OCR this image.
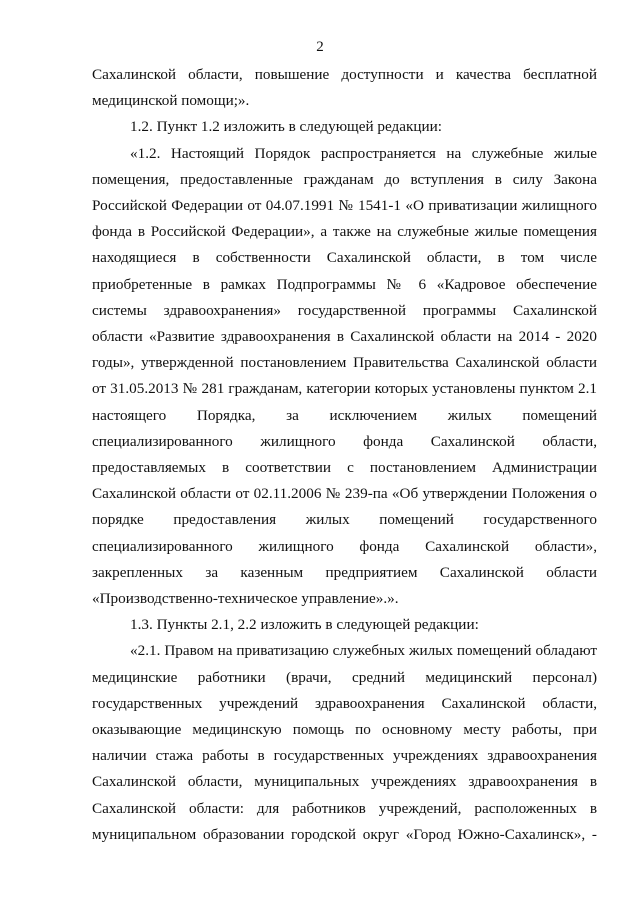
2

Сахалинской области, повышение доступности и качества бесплатной медицинской помощи;».

1.2. Пункт 1.2 изложить в следующей редакции:

«1.2. Настоящий Порядок распространяется на служебные жилые помещения, предоставленные гражданам до вступления в силу Закона Российской Федерации от 04.07.1991 № 1541-1 «О приватизации жилищного фонда в Российской Федерации», а также на служебные жилые помещения находящиеся в собственности Сахалинской области, в том числе приобретенные в рамках Подпрограммы № 6 «Кадровое обеспечение системы здравоохранения» государственной программы Сахалинской области «Развитие здравоохранения в Сахалинской области на 2014 - 2020 годы», утвержденной постановлением Правительства Сахалинской области от 31.05.2013 № 281 гражданам, категории которых установлены пунктом 2.1 настоящего Порядка, за исключением жилых помещений специализированного жилищного фонда Сахалинской области, предоставляемых в соответствии с постановлением Администрации Сахалинской области от 02.11.2006 № 239-па «Об утверждении Положения о порядке предоставления жилых помещений государственного специализированного жилищного фонда Сахалинской области», закрепленных за казенным предприятием Сахалинской области «Производственно-техническое управление».».

1.3. Пункты 2.1, 2.2 изложить в следующей редакции:

«2.1. Правом на приватизацию служебных жилых помещений обладают медицинские работники (врачи, средний медицинский персонал) государственных учреждений здравоохранения Сахалинской области, оказывающие медицинскую помощь по основному месту работы, при наличии стажа работы в государственных учреждениях здравоохранения Сахалинской области, муниципальных учреждениях здравоохранения в Сахалинской области: для работников учреждений, расположенных в муниципальном образовании городской округ «Город Южно-Сахалинск», -
